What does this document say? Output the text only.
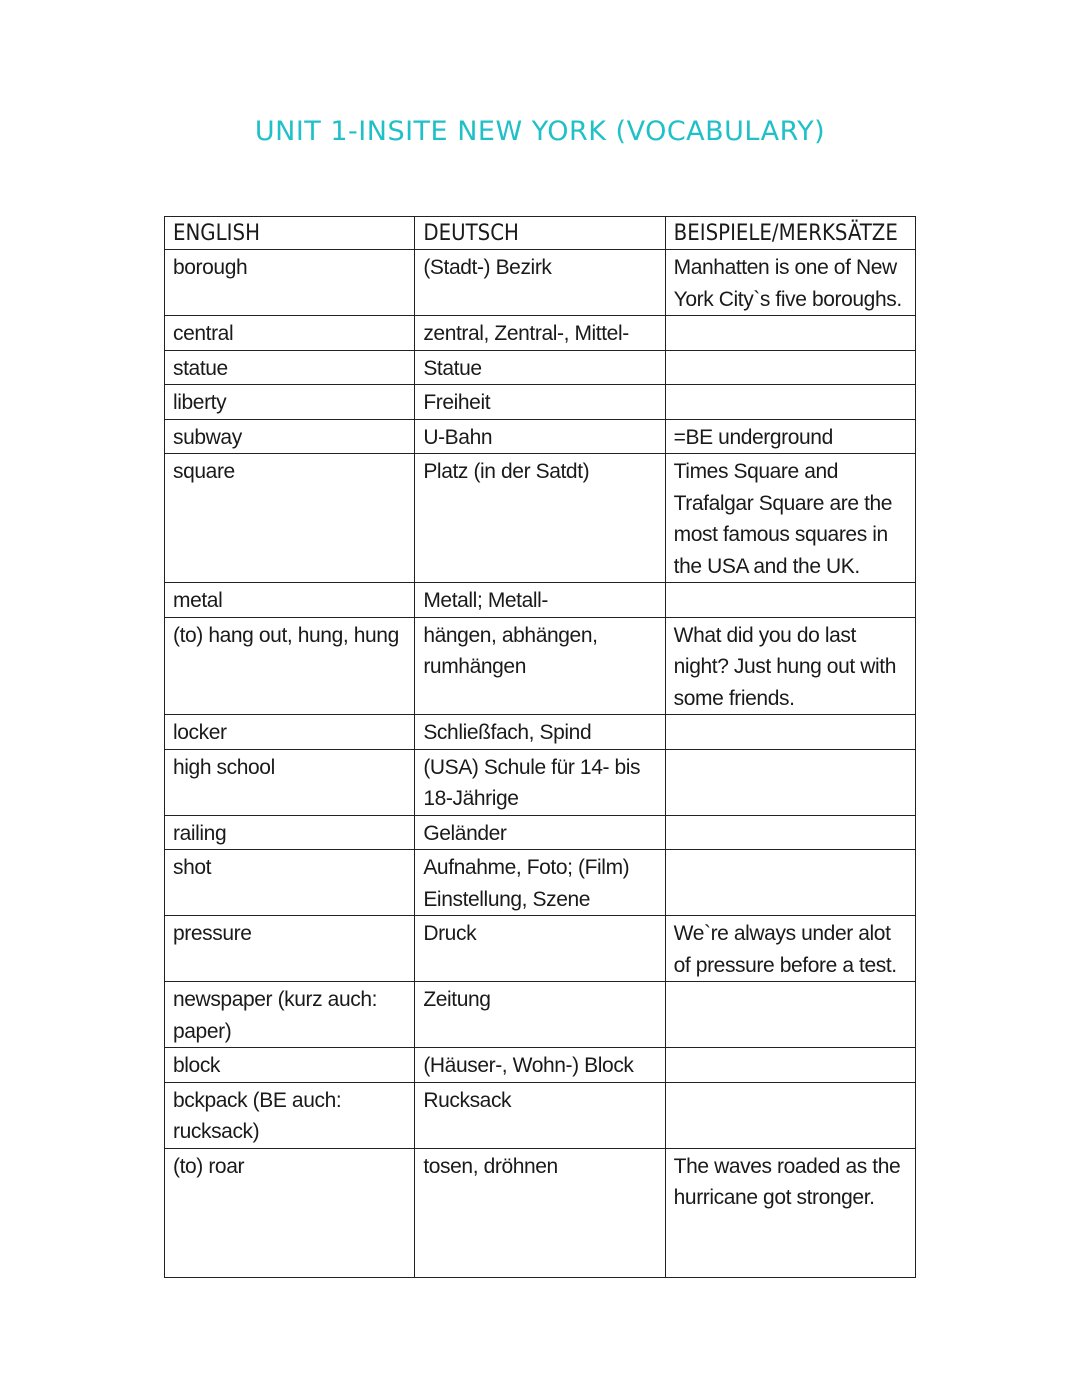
UNIT 1-INSITE NEW YORK (VOCABULARY)
ENGLISH	DEUTSCH	BEISPIELE/MERKSÄTZE
borough	(Stadt-) Bezirk	Manhatten is one of New York City`s five boroughs.
central	zentral, Zentral-, Mittel-	
statue	Statue	
liberty	Freiheit	
subway	U-Bahn	=BE underground
square	Platz (in der Satdt)	Times Square and Trafalgar Square are the most famous squares in the USA and the UK.
metal	Metall; Metall-	
(to) hang out, hung, hung	hängen, abhängen, rumhängen	What did you do last night? Just hung out with some friends.
locker	Schließfach, Spind	
high school	(USA) Schule für 14- bis 18-Jährige	
railing	Geländer	
shot	Aufnahme, Foto; (Film) Einstellung, Szene	
pressure	Druck	We`re always under alot of pressure before a test.
newspaper (kurz auch: paper)	Zeitung	
block	(Häuser-, Wohn-) Block	
bckpack (BE auch: rucksack)	Rucksack	
(to) roar	tosen, dröhnen	The waves roaded as the hurricane got stronger.
